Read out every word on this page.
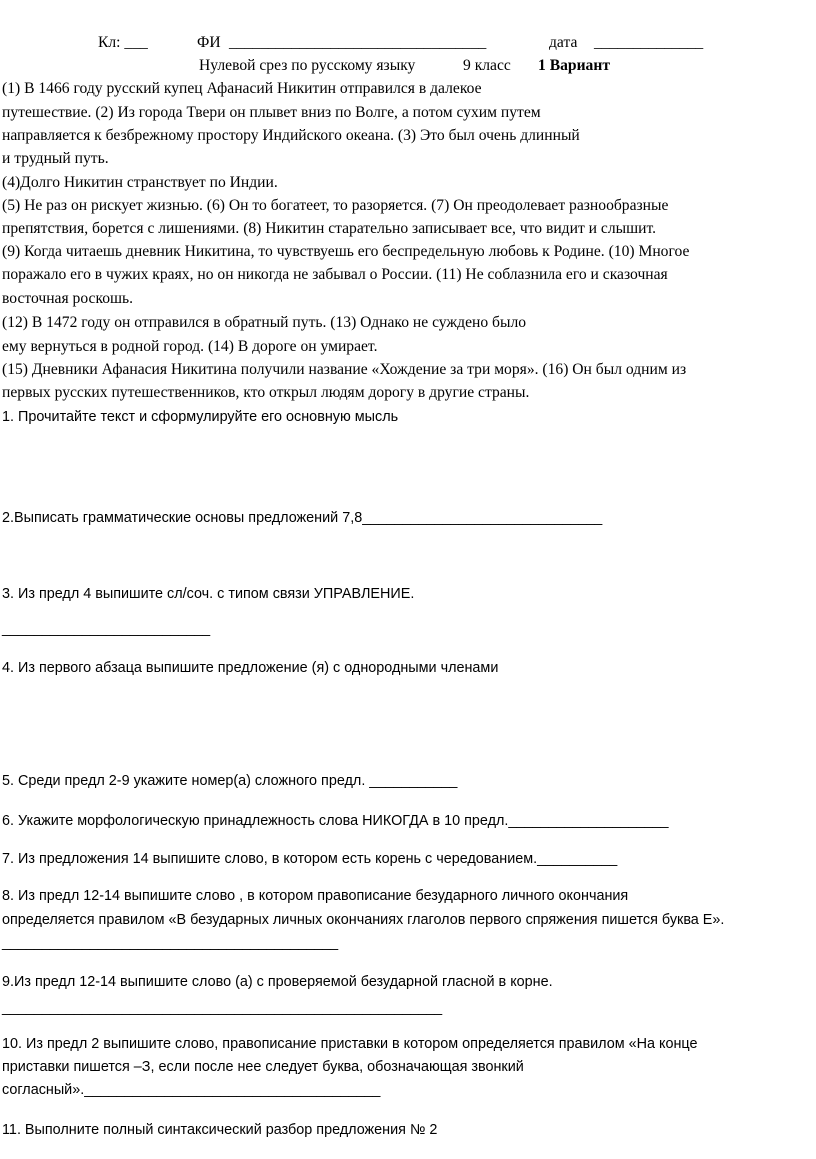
Кл: ___	ФИ _________________________________	дата ______________
Нулевой срез по русскому языку	9 класс 1 Вариант
(1) В 1466 году русский купец Афанасий Никитин отправился в далекое
путешествие. (2) Из города Твери он плывет вниз по Волге, а потом сухим путем
направляется к безбрежному простору Индийского океана. (3) Это был очень длинный
и трудный путь.
(4)Долго Никитин странствует по Индии.
(5) Не раз он рискует жизнью. (6) Он то богатеет, то разоряется. (7) Он преодолевает разнообразные
препятствия, борется с лишениями. (8) Никитин старательно записывает все, что видит и слышит.
(9) Когда читаешь дневник Никитина, то чувствуешь его беспредельную любовь к Родине. (10) Многое
поражало его в чужих краях, но он никогда не забывал о России. (11) Не соблазнила его и сказочная
восточная роскошь.
(12) В 1472 году он отправился в обратный путь. (13) Однако не суждено было
ему вернуться в родной город. (14) В дороге он умирает.
(15) Дневники Афанасия Никитина получили название «Хождение за три моря». (16) Он был одним из
первых русских путешественников, кто открыл людям дорогу в другие страны.
1. Прочитайте текст и сформулируйте его основную мысль
2.Выписать грамматические основы предложений 7,8______________________________
3. Из предл 4 выпишите сл/соч. с типом связи УПРАВЛЕНИЕ.
__________________________
4. Из первого абзаца выпишите предложение (я) с однородными членами
5. Среди предл 2-9 укажите номер(а) сложного предл. ___________
6. Укажите морфологическую принадлежность слова НИКОГДА в 10 предл.____________________
7. Из предложения 14 выпишите слово, в котором есть корень с чередованием.__________
8. Из предл 12-14 выпишите слово , в котором правописание безударного личного окончания
определяется правилом «В безударных личных окончаниях глаголов первого спряжения пишется буква Е».
__________________________________________
9.Из предл 12-14 выпишите слово (а) с проверяемой безударной гласной в корне.
_______________________________________________________
10. Из предл 2 выпишите слово, правописание приставки в котором определяется правилом «На конце
приставки пишется –З, если после нее следует буква, обозначающая звонкий
согласный»._____________________________________
11. Выполните полный синтаксический разбор предложения № 2
